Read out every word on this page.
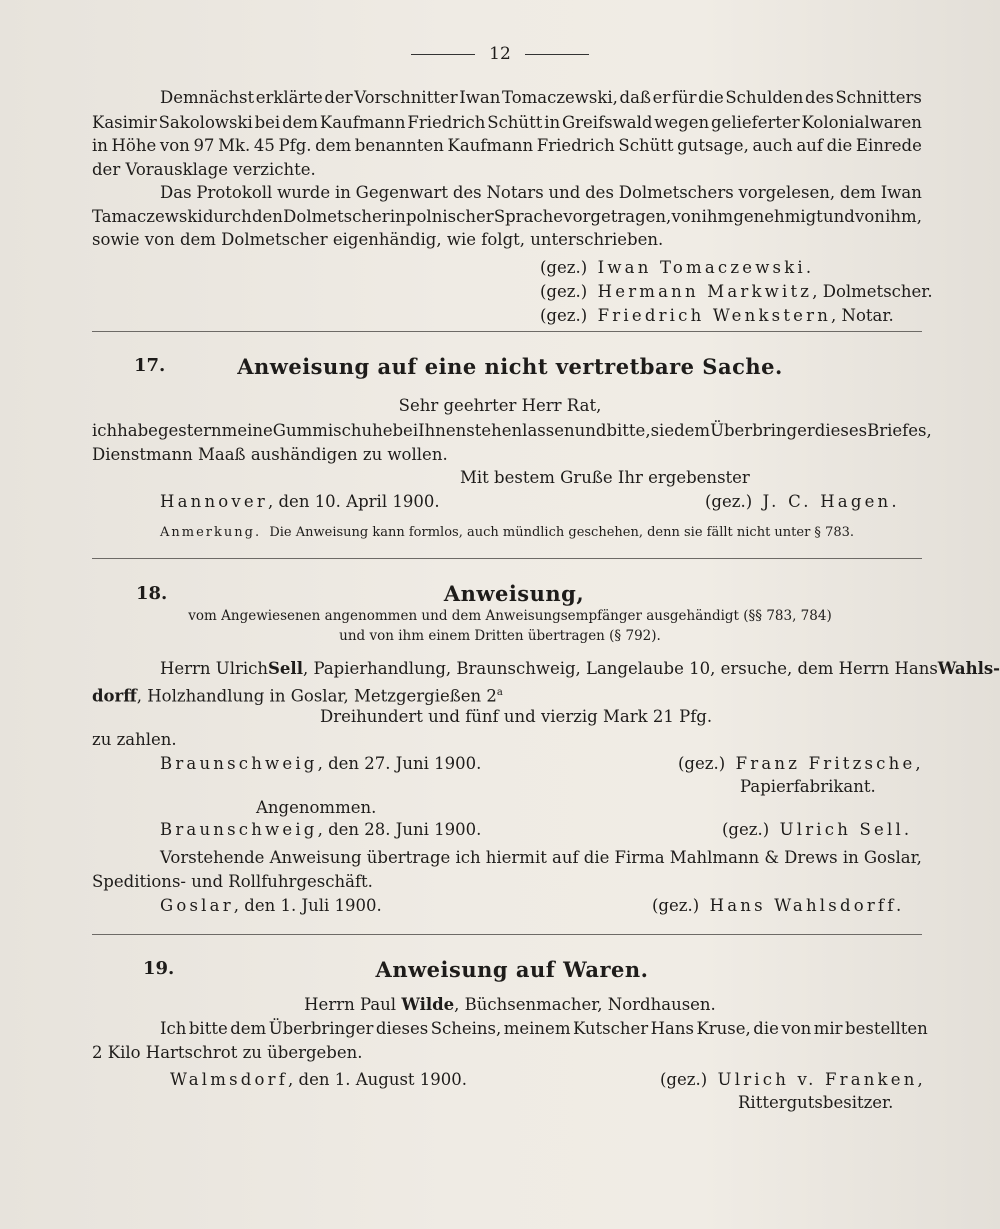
12
Demnächst erklärte der Vorschnitter Iwan Tomaczewski, daß er für die Schulden des Schnitters
Kasimir Sakolowski bei dem Kaufmann Friedrich Schütt in Greifswald wegen gelieferter Kolonialwaren
in Höhe von 97 Mk. 45 Pfg. dem benannten Kaufmann Friedrich Schütt gutsage, auch auf die Einrede
der Vorausklage verzichte.
Das Protokoll wurde in Gegenwart des Notars und des Dolmetschers vorgelesen, dem Iwan
Tamaczewski durch den Dolmetscher in polnischer Sprache vorgetragen, von ihm genehmigt und von ihm,
sowie von dem Dolmetscher eigenhändig, wie folgt, unterschrieben.
(gez.) Iwan Tomaczewski.
(gez.) Hermann Markwitz, Dolmetscher.
(gez.) Friedrich Wenkstern, Notar.
17.	Anweisung auf eine nicht vertretbare Sache.
Sehr geehrter Herr Rat,
ich habe gestern meine Gummischuhe bei Ihnen stehen lassen und bitte, sie dem Überbringer dieses Briefes,
Dienstmann Maaß aushändigen zu wollen.
Mit bestem Gruße Ihr ergebenster
Hannover, den 10. April 1900.	(gez.) J. C. Hagen.
Anmerkung. Die Anweisung kann formlos, auch mündlich geschehen, denn sie fällt nicht unter § 783.
18.	Anweisung,
vom Angewiesenen angenommen und dem Anweisungsempfänger ausgehändigt (§§ 783, 784)
und von ihm einem Dritten übertragen (§ 792).
Herrn Ulrich Sell, Papierhandlung, Braunschweig, Langelaube 10, ersuche, dem Herrn Hans Wahls-
dorff, Holzhandlung in Goslar, Metzgergießen 2$^a$
Dreihundert und fünf und vierzig Mark 21 Pfg.
zu zahlen.
Braunschweig, den 27. Juni 1900.	(gez.) Franz Fritzsche,
Papierfabrikant.
Angenommen.
Braunschweig, den 28. Juni 1900.	(gez.) Ulrich Sell.
Vorstehende Anweisung übertrage ich hiermit auf die Firma Mahlmann & Drews in Goslar,
Speditions- und Rollfuhrgeschäft.
Goslar, den 1. Juli 1900.	(gez.) Hans Wahlsdorff.
19.	Anweisung auf Waren.
Herrn Paul Wilde, Büchsenmacher, Nordhausen.
Ich bitte dem Überbringer dieses Scheins, meinem Kutscher Hans Kruse, die von mir bestellten
2 Kilo Hartschrot zu übergeben.
Walmsdorf, den 1. August 1900.	(gez.) Ulrich v. Franken,
Rittergutsbesitzer.
